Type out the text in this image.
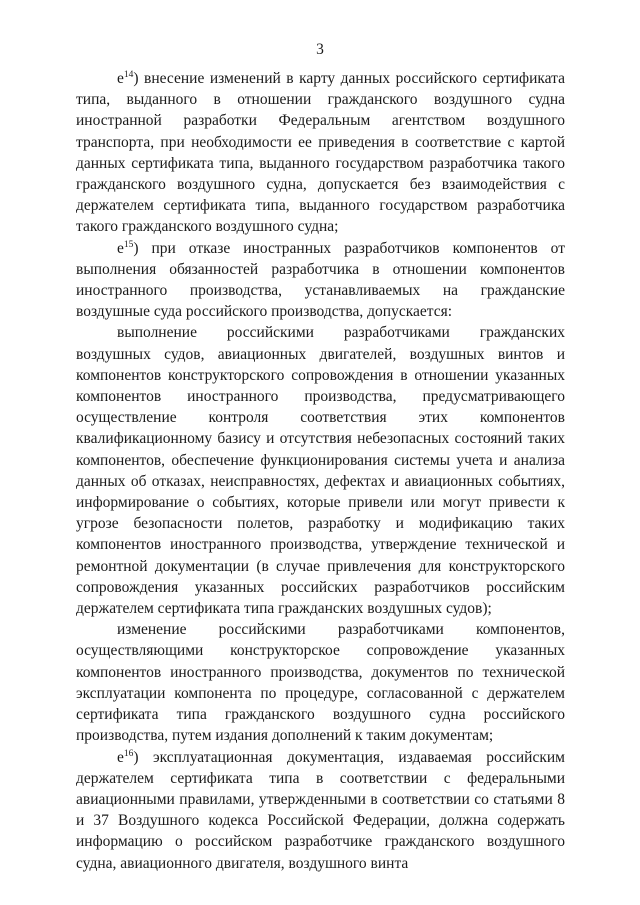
3

$е^{14}$) внесение изменений в карту данных российского сертификата типа, выданного в отношении гражданского воздушного судна иностранной разработки Федеральным агентством воздушного транспорта, при необходимости ее приведения в соответствие с картой данных сертификата типа, выданного государством разработчика такого гражданского воздушного судна, допускается без взаимодействия с держателем сертификата типа, выданного государством разработчика такого гражданского воздушного судна;

$е^{15}$) при отказе иностранных разработчиков компонентов от выполнения обязанностей разработчика в отношении компонентов иностранного производства, устанавливаемых на гражданские воздушные суда российского производства, допускается:

выполнение российскими разработчиками гражданских воздушных судов, авиационных двигателей, воздушных винтов и компонентов конструкторского сопровождения в отношении указанных компонентов иностранного производства, предусматривающего осуществление контроля соответствия этих компонентов квалификационному базису и отсутствия небезопасных состояний таких компонентов, обеспечение функционирования системы учета и анализа данных об отказах, неисправностях, дефектах и авиационных событиях, информирование о событиях, которые привели или могут привести к угрозе безопасности полетов, разработку и модификацию таких компонентов иностранного производства, утверждение технической и ремонтной документации (в случае привлечения для конструкторского сопровождения указанных российских разработчиков российским держателем сертификата типа гражданских воздушных судов);

изменение российскими разработчиками компонентов, осуществляющими конструкторское сопровождение указанных компонентов иностранного производства, документов по технической эксплуатации компонента по процедуре, согласованной с держателем сертификата типа гражданского воздушного судна российского производства, путем издания дополнений к таким документам;

$е^{16}$) эксплуатационная документация, издаваемая российским держателем сертификата типа в соответствии с федеральными авиационными правилами, утвержденными в соответствии со статьями 8 и 37 Воздушного кодекса Российской Федерации, должна содержать информацию о российском разработчике гражданского воздушного судна, авиационного двигателя, воздушного винта
